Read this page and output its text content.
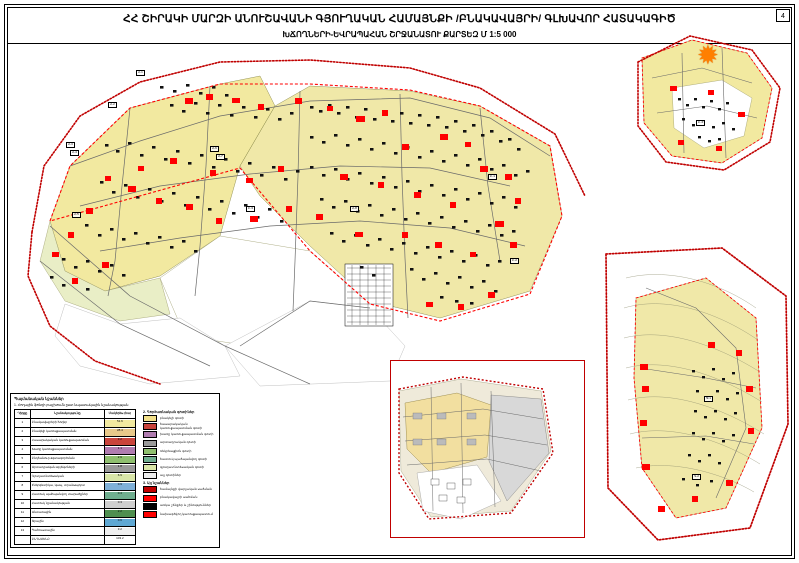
ՀՀ ՇԻՐԱԿԻ ՄԱՐԶԻ ԱՆՈՒՇԱՎԱՆԻ ԳՅՈՒՂԱԿԱՆ ՀԱՄԱՅՆՔԻ /ԲՆԱԿԱՎԱՅՐԻ/ ԳԼԽԱՎՈՐ ՀԱՏԱԿԱԳԻԾ
ԽՃՈՂՆԵՐԻ-ԵՎՐԱՊԱՀԱՆ ՇՐՋԱՆԱՏՈՒ ՔԱՐՏԵԶ Մ 1:5 000
4
Հ-1
Հ-2
Հ-3
Հ-4
Հ-5
Հ-6
Հ-7
Հ-8
Բ-1
Բ-2
Բ-3
Բ-4
✹
Գ-1
Գ-2
Պայմանական նշաններ
1. Հողային ֆոնդի բաշխումն ըստ նպատակային նշանակության
Դիրքը	Նշանակությունը	Մակերես (հա)
1	Բնակավայրերի հողեր	51.6

2	Բնակելի կառուցապատման	28.4

3	Հասարակական կառուցապատման	3.2

4	Խառը կառուցապատման	1.1

5	Ընդհանուր օգտագործման	2.6

6	Արտադրական օբյեկտների	1.8

7	Գյուղատնտեսական	6.9

8	Էներգետիկա, կապ, տրանսպորտ	0.9

9	Հատուկ պահպանվող տարածքներ	0.4

10	Հատուկ նշանակության	0.3

11	Անտառային	2.2

12	Ջրային	0.6

13	Պահուստային	3.2

	ԸՆԴԱՄԵՆԸ	103.2
2. Գործառնական գոտիներ
բնակելի գոտի
հասարակական կառուցապատման գոտի
խառը կառուցապատման գոտի
արտադրական գոտի
ռեկրեացիոն գոտի
հատուկ պահպանվող գոտի
գյուղատնտեսական գոտի
այլ գոտիներ
3. Այլ նշաններ
համայնքի վարչական սահման
բնակավայրի սահման
առկա շենքեր և շինություններ
նախագծվող կառուցապատում
